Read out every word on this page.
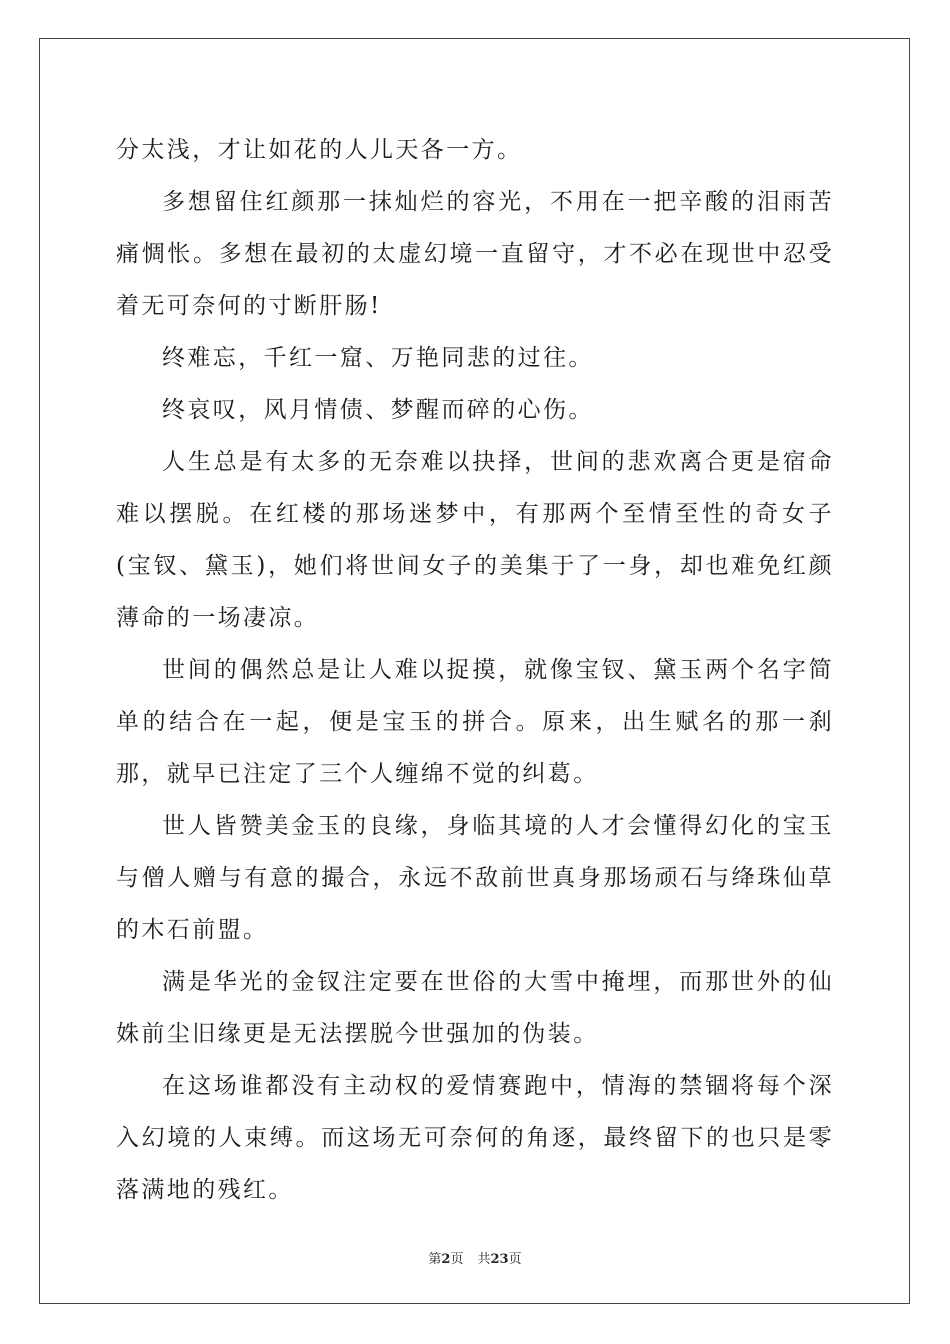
分太浅，才让如花的人儿天各一方。

多想留住红颜那一抹灿烂的容光，不用在一把辛酸的泪雨苦痛惆怅。多想在最初的太虚幻境一直留守，才不必在现世中忍受着无可奈何的寸断肝肠!

终难忘，千红一窟、万艳同悲的过往。

终哀叹，风月情债、梦醒而碎的心伤。

人生总是有太多的无奈难以抉择，世间的悲欢离合更是宿命难以摆脱。在红楼的那场迷梦中，有那两个至情至性的奇女子(宝钗、黛玉)，她们将世间女子的美集于了一身，却也难免红颜薄命的一场凄凉。

世间的偶然总是让人难以捉摸，就像宝钗、黛玉两个名字简单的结合在一起，便是宝玉的拼合。原来，出生赋名的那一刹那，就早已注定了三个人缠绵不觉的纠葛。

世人皆赞美金玉的良缘，身临其境的人才会懂得幻化的宝玉与僧人赠与有意的撮合，永远不敌前世真身那场顽石与绛珠仙草的木石前盟。

满是华光的金钗注定要在世俗的大雪中掩埋，而那世外的仙姝前尘旧缘更是无法摆脱今世强加的伪装。

在这场谁都没有主动权的爱情赛跑中，情海的禁锢将每个深入幻境的人束缚。而这场无可奈何的角逐，最终留下的也只是零落满地的残红。

第2页 共23页
